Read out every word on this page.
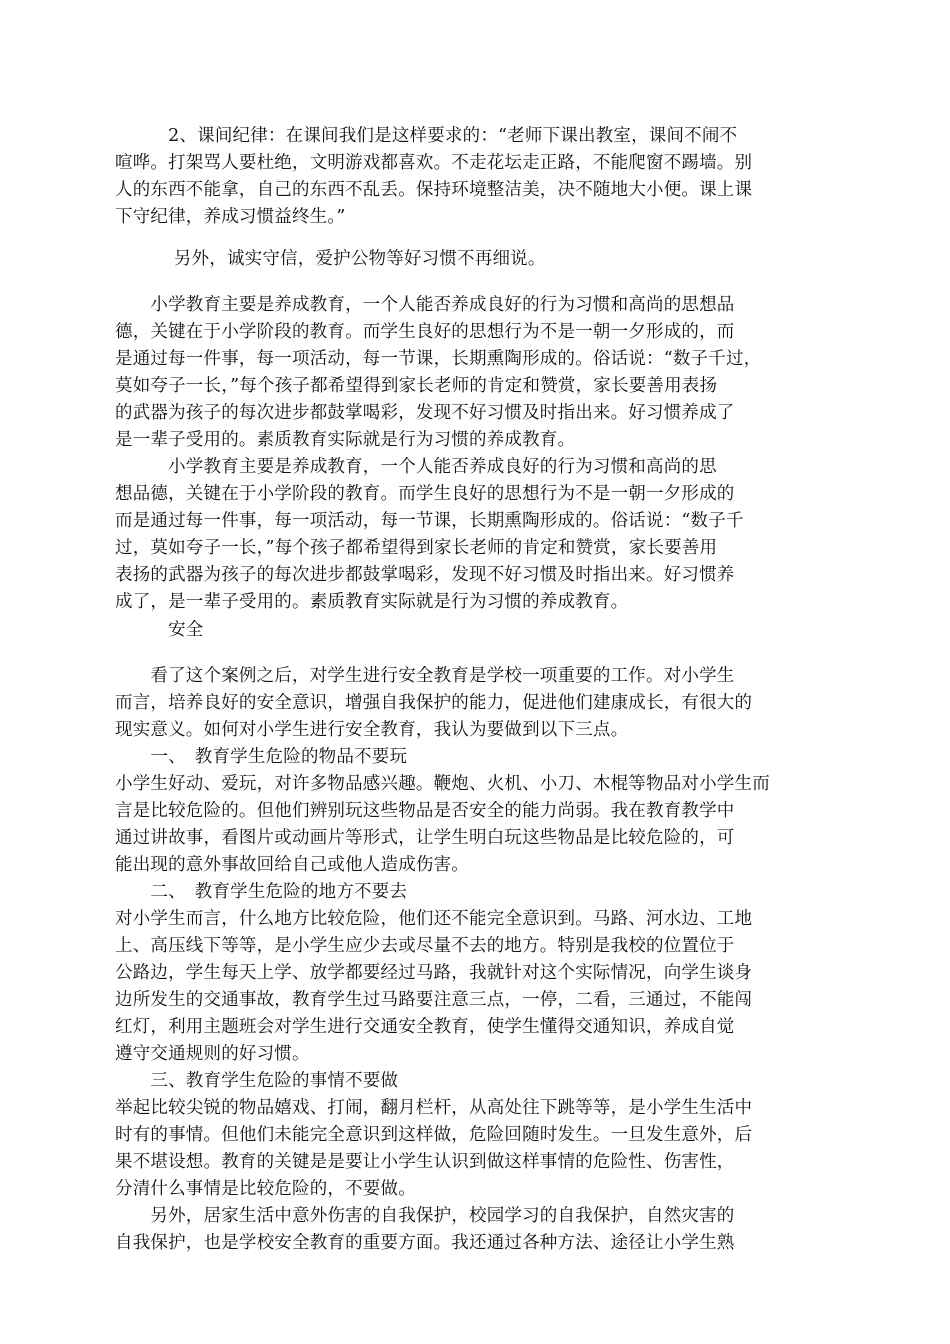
　　　2、课间纪律：在课间我们是这样要求的：“老师下课出教室，课间不闹不
喧哗。打架骂人要杜绝，文明游戏都喜欢。不走花坛走正路，不能爬窗不踢墙。别
人的东西不能拿，自己的东西不乱丢。保持环境整洁美，决不随地大小便。课上课
下守纪律，养成习惯益终生。”
　　　 另外，诚实守信，爱护公物等好习惯不再细说。
　　小学教育主要是养成教育，一个人能否养成良好的行为习惯和高尚的思想品
德，关键在于小学阶段的教育。而学生良好的思想行为不是一朝一夕形成的，而
是通过每一件事，每一项活动，每一节课，长期熏陶形成的。俗话说：“数子千过，
莫如夸子一长，”每个孩子都希望得到家长老师的肯定和赞赏，家长要善用表扬
的武器为孩子的每次进步都鼓掌喝彩，发现不好习惯及时指出来。好习惯养成了
是一辈子受用的。素质教育实际就是行为习惯的养成教育。
　　　小学教育主要是养成教育，一个人能否养成良好的行为习惯和高尚的思
想品德，关键在于小学阶段的教育。而学生良好的思想行为不是一朝一夕形成的
而是通过每一件事，每一项活动，每一节课，长期熏陶形成的。俗话说：“数子千
过，莫如夸子一长，”每个孩子都希望得到家长老师的肯定和赞赏，家长要善用
表扬的武器为孩子的每次进步都鼓掌喝彩，发现不好习惯及时指出来。好习惯养
成了，是一辈子受用的。素质教育实际就是行为习惯的养成教育。
　　　安全
　　看了这个案例之后，对学生进行安全教育是学校一项重要的工作。对小学生
而言，培养良好的安全意识，增强自我保护的能力，促进他们建康成长，有很大的
现实意义。如何对小学生进行安全教育，我认为要做到以下三点。
　　一、　教育学生危险的物品不要玩
小学生好动、爱玩，对许多物品感兴趣。鞭炮、火机、小刀、木棍等物品对小学生而
言是比较危险的。但他们辨别玩这些物品是否安全的能力尚弱。我在教育教学中
通过讲故事，看图片或动画片等形式，让学生明白玩这些物品是比较危险的，可
能出现的意外事故回给自己或他人造成伤害。
　　二、　教育学生危险的地方不要去
对小学生而言，什么地方比较危险，他们还不能完全意识到。马路、河水边、工地
上、高压线下等等，是小学生应少去或尽量不去的地方。特别是我校的位置位于
公路边，学生每天上学、放学都要经过马路，我就针对这个实际情况，向学生谈身
边所发生的交通事故，教育学生过马路要注意三点，一停，二看，三通过，不能闯
红灯，利用主题班会对学生进行交通安全教育，使学生懂得交通知识，养成自觉
遵守交通规则的好习惯。
　　三、教育学生危险的事情不要做
举起比较尖锐的物品嬉戏、打闹，翻月栏杆，从高处往下跳等等，是小学生生活中
时有的事情。但他们未能完全意识到这样做，危险回随时发生。一旦发生意外，后
果不堪设想。教育的关键是是要让小学生认识到做这样事情的危险性、伤害性，
分清什么事情是比较危险的，不要做。
　　另外，居家生活中意外伤害的自我保护，校园学习的自我保护，自然灾害的
自我保护，也是学校安全教育的重要方面。我还通过各种方法、途径让小学生熟
